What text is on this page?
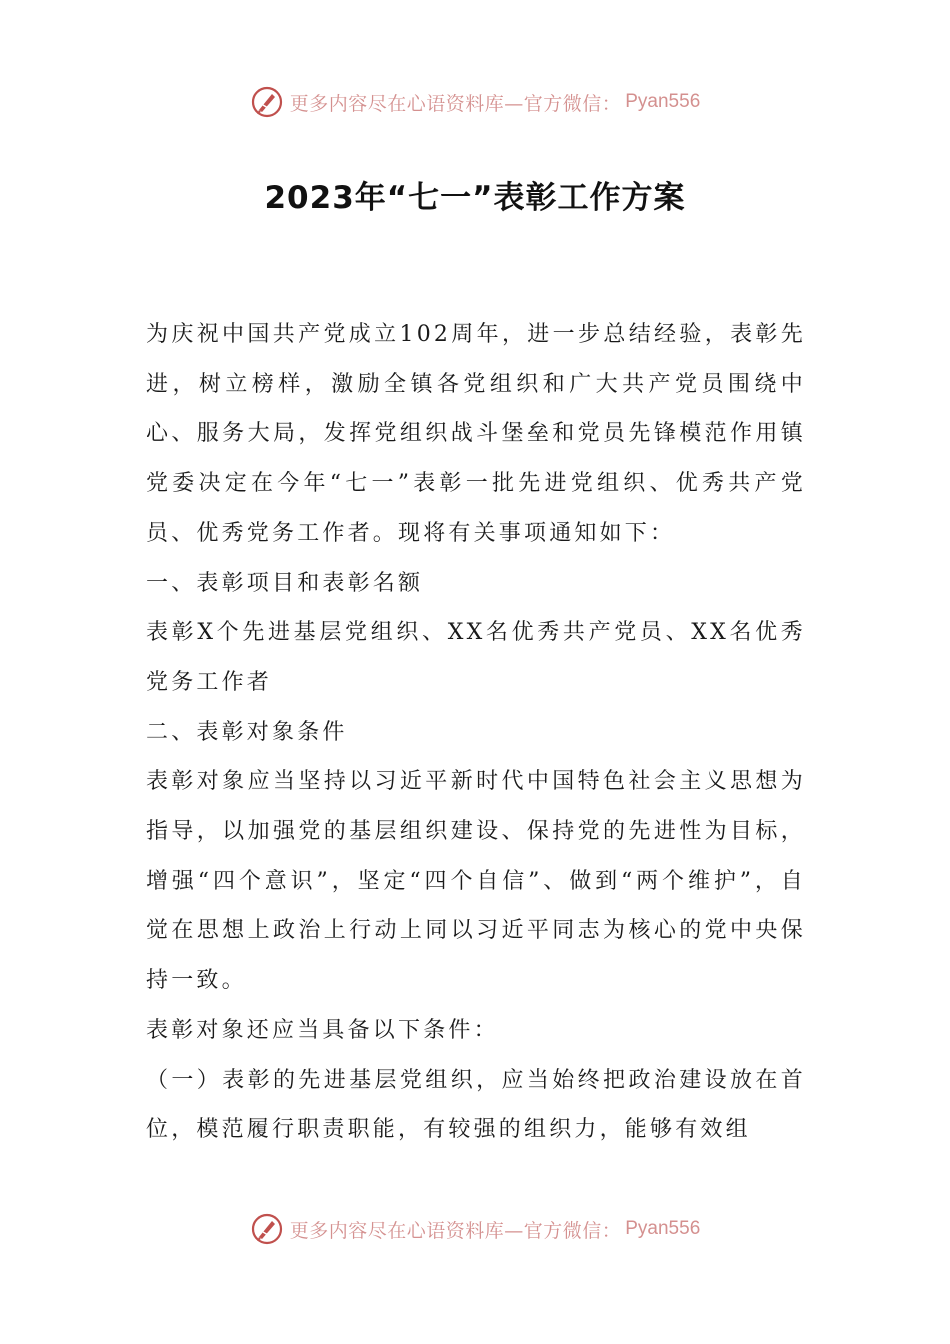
更多内容尽在心语资料库—官方微信： Pyan556
2023年“七一”表彰工作方案

为庆祝中国共产党成立102周年，进一步总结经验，表彰先进，树立榜样，激励全镇各党组织和广大共产党员围绕中心、服务大局，发挥党组织战斗堡垒和党员先锋模范作用镇党委决定在今年“七一”表彰一批先进党组织、优秀共产党员、优秀党务工作者。现将有关事项通知如下：

一、表彰项目和表彰名额

表彰X个先进基层党组织、XX名优秀共产党员、XX名优秀党务工作者

二、表彰对象条件

表彰对象应当坚持以习近平新时代中国特色社会主义思想为指导，以加强党的基层组织建设、保持党的先进性为目标，增强“四个意识”，坚定“四个自信”、做到“两个维护”，自觉在思想上政治上行动上同以习近平同志为核心的党中央保持一致。

表彰对象还应当具备以下条件：

（一）表彰的先进基层党组织，应当始终把政治建设放在首位，模范履行职责职能，有较强的组织力，能够有效组

更多内容尽在心语资料库—官方微信： Pyan556
